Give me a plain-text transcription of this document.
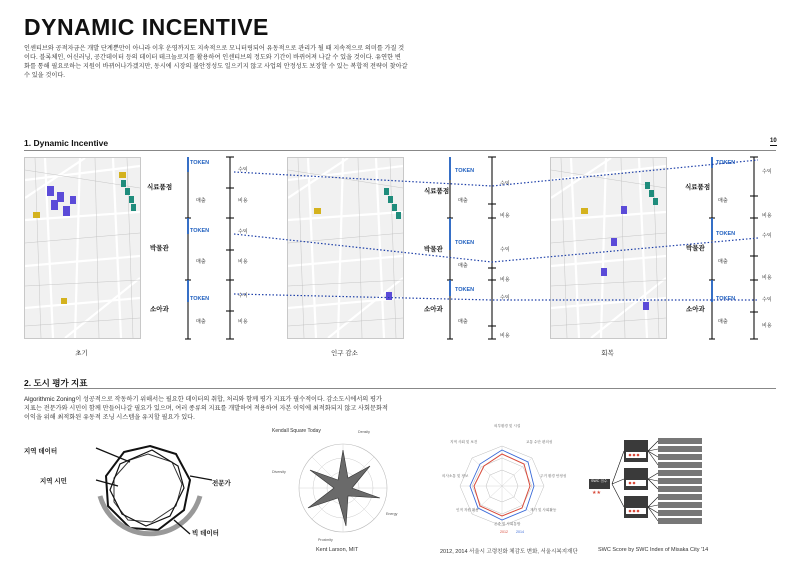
DYNAMIC INCENTIVE
인센티브와 공적자금은 개발 단계뿐만이 아니라 이후 운영까지도 지속적으로 모니터링되어 유동적으로 관리가 될 때 지속적으로 의미를 가질 것
이다. 블록체인, 어신러닝, 공간데이터 등의 데이터 테크놀로지를 활용하여 인센티브의 정도와 기간이 바뀌어져 나갈 수 있을 것이다. 유연한 변
화를 통해 필요로하는 지원이 바뀌어나가겠지만, 동시에 시장의 불안정성도 일으키지 않고 사업의 안정성도 보장할 수 있는 복합적 전략이 찾아갈
수 있을 것이다.
1. Dynamic Incentive	10
초기	인구 감소	회복
식료품점
박물관
소아과
식료품점
박물관
소아과
식료품점
박물관
소아과
TOKEN
TOKEN
TOKEN
수익
매출	비용
수익
매출	비용
수익
매출	비용
TOKEN
TOKEN
TOKEN
수익
매출
비용
수익
매출
비용
수익
매출
비용
TOKEN
TOKEN
TOKEN
수익
매출
비용
수익
매출
비용
수익
매출
비용
2. 도시 평가 지표
Algorithmic Zoning이 성공적으로 작동하기 위해서는 필요한 데이터의 취합, 처리와 함께 평가 지표가 필수적이다. 감소도시에서의 평가
지표는 전문가와 시민이 함께 만들어나갈 필요가 있으며, 여러 종류의 지표를 개발하여 적용하여 자본 이익에 최적화되지 않고 사회문화적
이익을 위해 최적화된 유동적 조닝 시스템을 유지할 필요가 있다.
지역 데이터
지역 시민	전문가
빅 데이터
Kendall Square Today	Density
Diversity
Energy
Proximity
Kent Larson, MIT
외부환경 및 시설
교통 수단 편의성
주거 환경 안정성
재가 및 사회활동
존중 및 사회통합
인적 자원 활용
의사소통 및 정보
지역 사회 및 보건
2012 2014
2012, 2014 서울시 고령친화 체감도 변화, 서울시복지재단
SWC 점수
★★
SWC Score by SWC Index of Misaka City '14
